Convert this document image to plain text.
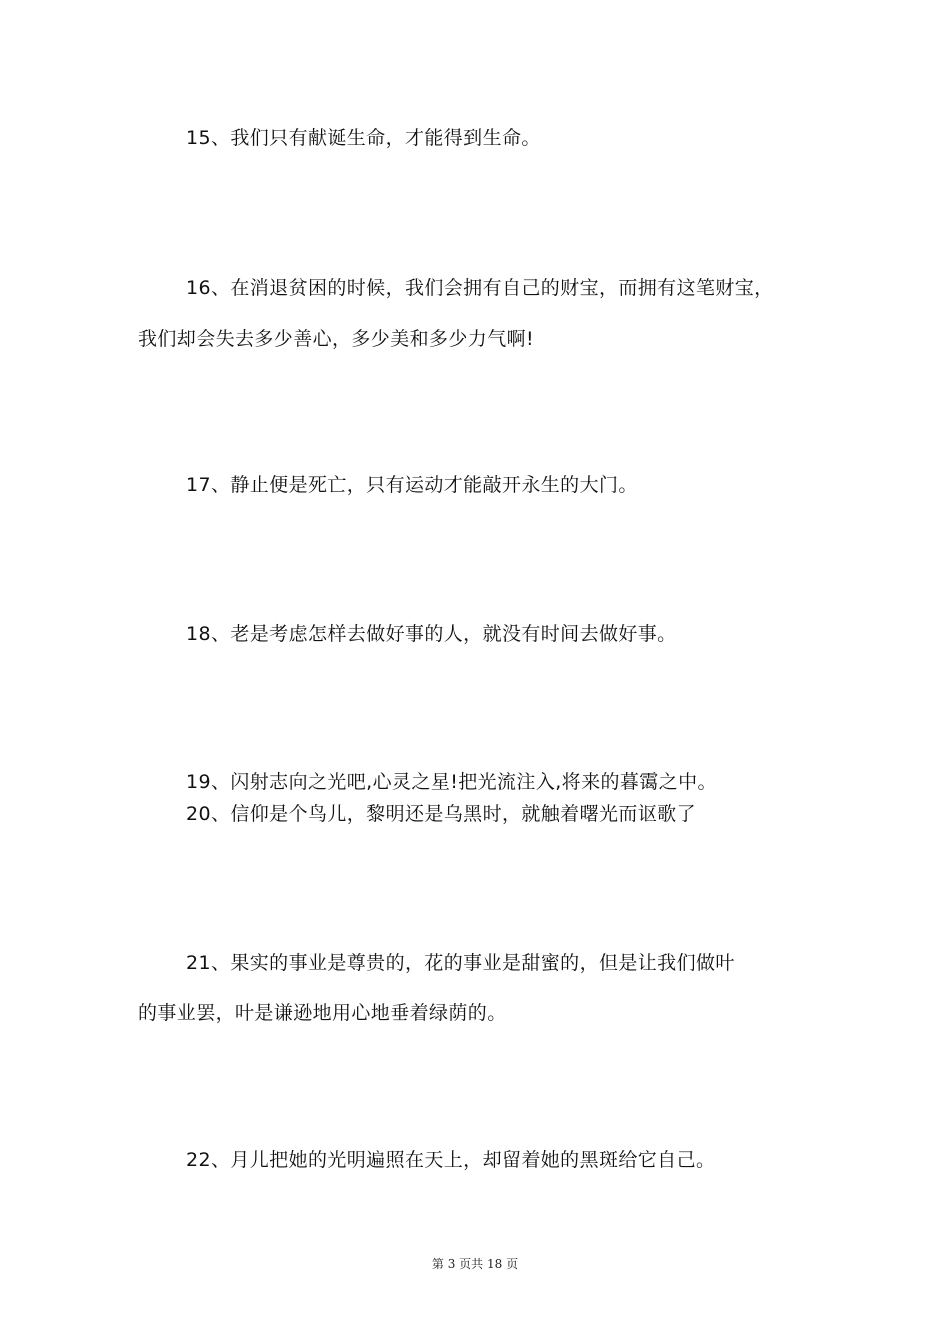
15、我们只有献诞生命，才能得到生命。
16、在消退贫困的时候，我们会拥有自己的财宝，而拥有这笔财宝，
我们却会失去多少善心，多少美和多少力气啊!
17、静止便是死亡，只有运动才能敲开永生的大门。
18、老是考虑怎样去做好事的人，就没有时间去做好事。
19、闪射志向之光吧,心灵之星!把光流注入,将来的暮霭之中。
20、信仰是个鸟儿，黎明还是乌黑时，就触着曙光而讴歌了
21、果实的事业是尊贵的，花的事业是甜蜜的，但是让我们做叶
的事业罢，叶是谦逊地用心地垂着绿荫的。
22、月儿把她的光明遍照在天上，却留着她的黑斑给它自己。
第 3 页共 18 页
